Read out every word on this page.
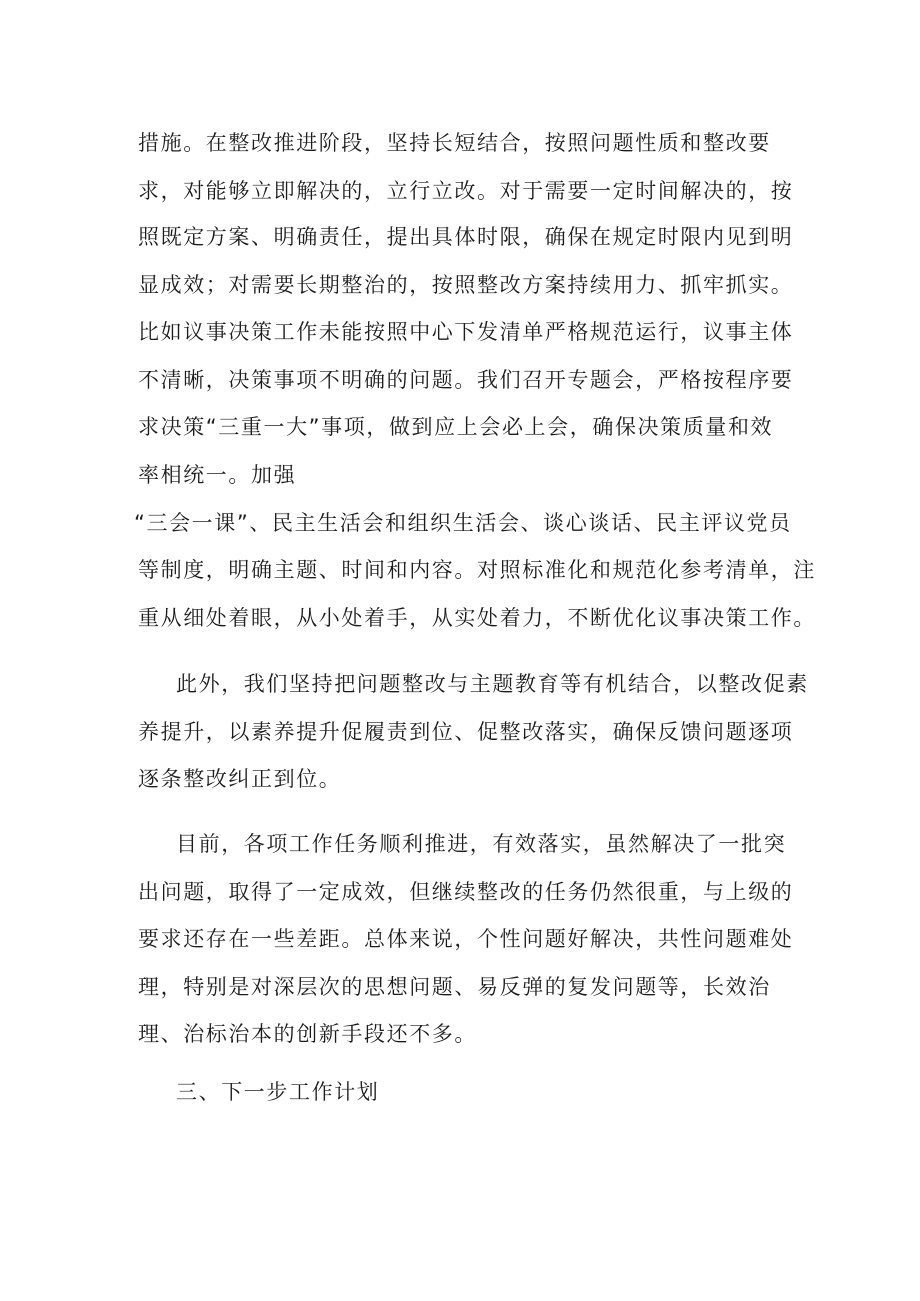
措施。在整改推进阶段，坚持长短结合，按照问题性质和整改要
求，对能够立即解决的，立行立改。对于需要一定时间解决的，按
照既定方案、明确责任，提出具体时限，确保在规定时限内见到明
显成效；对需要长期整治的，按照整改方案持续用力、抓牢抓实。
比如议事决策工作未能按照中心下发清单严格规范运行，议事主体
不清晰，决策事项不明确的问题。我们召开专题会，严格按程序要
求决策“三重一大”事项，做到应上会必上会，确保决策质量和效
率相统一。加强
“三会一课”、民主生活会和组织生活会、谈心谈话、民主评议党员
等制度，明确主题、时间和内容。对照标准化和规范化参考清单，注
重从细处着眼，从小处着手，从实处着力，不断优化议事决策工作。
此外，我们坚持把问题整改与主题教育等有机结合，以整改促素
养提升，以素养提升促履责到位、促整改落实，确保反馈问题逐项
逐条整改纠正到位。
目前，各项工作任务顺利推进，有效落实，虽然解决了一批突
出问题，取得了一定成效，但继续整改的任务仍然很重，与上级的
要求还存在一些差距。总体来说，个性问题好解决，共性问题难处
理，特别是对深层次的思想问题、易反弹的复发问题等，长效治
理、治标治本的创新手段还不多。
三、下一步工作计划
